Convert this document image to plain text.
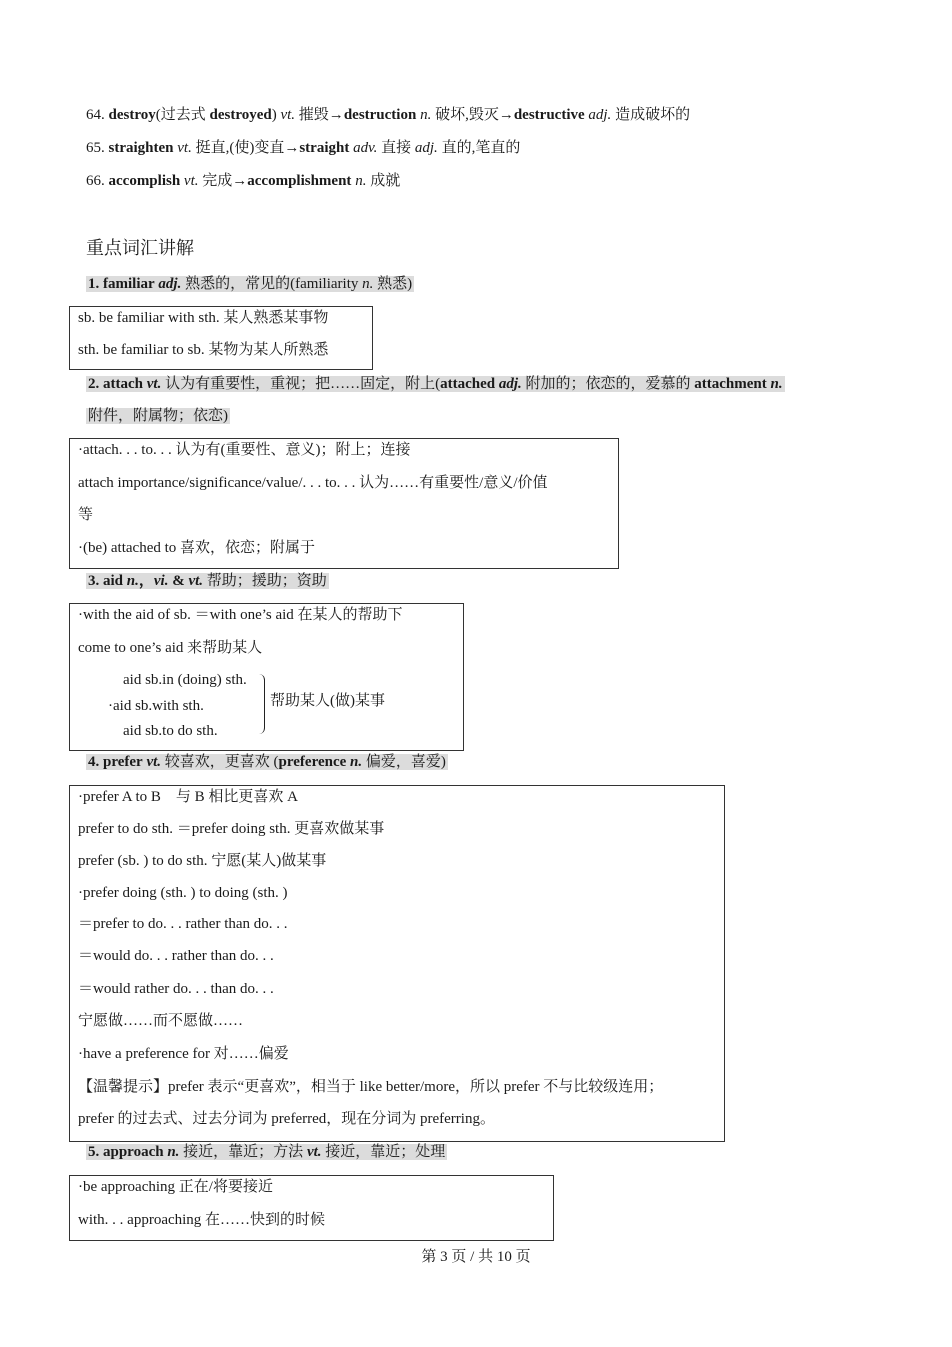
64. destroy(过去式 destroyed) vt. 摧毁→destruction n. 破坏,毁灭→destructive adj. 造成破坏的
65. straighten vt. 挺直,(使)变直→straight adv. 直接 adj. 直的,笔直的
66. accomplish vt. 完成→accomplishment n. 成就
重点词汇讲解
1. familiar adj. 熟悉的，常见的(familiarity n. 熟悉)
sb. be familiar with sth. 某人熟悉某事物
sth. be familiar to sb. 某物为某人所熟悉
2. attach vt. 认为有重要性，重视；把……固定，附上(attached adj. 附加的；依恋的，爱慕的 attachment n.
附件，附属物；依恋)
·attach. . . to. . . 认为有(重要性、意义)；附上；连接
attach importance/significance/value/. . . to. . . 认为……有重要性/意义/价值
等
·(be) attached to 喜欢，依恋；附属于
3. aid n.，vi. & vt. 帮助；援助；资助
·with the aid of sb. ＝with one’s aid 在某人的帮助下
come to one’s aid 来帮助某人
aid sb.in (doing) sth.
·aid sb.with sth.
aid sb.to do sth.
帮助某人(做)某事
4. prefer vt. 较喜欢，更喜欢 (preference n. 偏爱，喜爱)
·prefer A to B　与 B 相比更喜欢 A
prefer to do sth. ＝prefer doing sth. 更喜欢做某事
prefer (sb. ) to do sth. 宁愿(某人)做某事
·prefer doing (sth. ) to doing (sth. )
＝prefer to do. . . rather than do. . .
＝would do. . . rather than do. . .
＝would rather do. . . than do. . .
宁愿做……而不愿做……
·have a preference for 对……偏爱
【温馨提示】prefer 表示“更喜欢”，相当于 like better/more，所以 prefer 不与比较级连用；
prefer 的过去式、过去分词为 preferred，现在分词为 preferring。
5. approach n. 接近，靠近；方法 vt. 接近，靠近；处理
·be approaching 正在/将要接近
with. . . approaching 在……快到的时候
第 3 页 / 共 10 页
